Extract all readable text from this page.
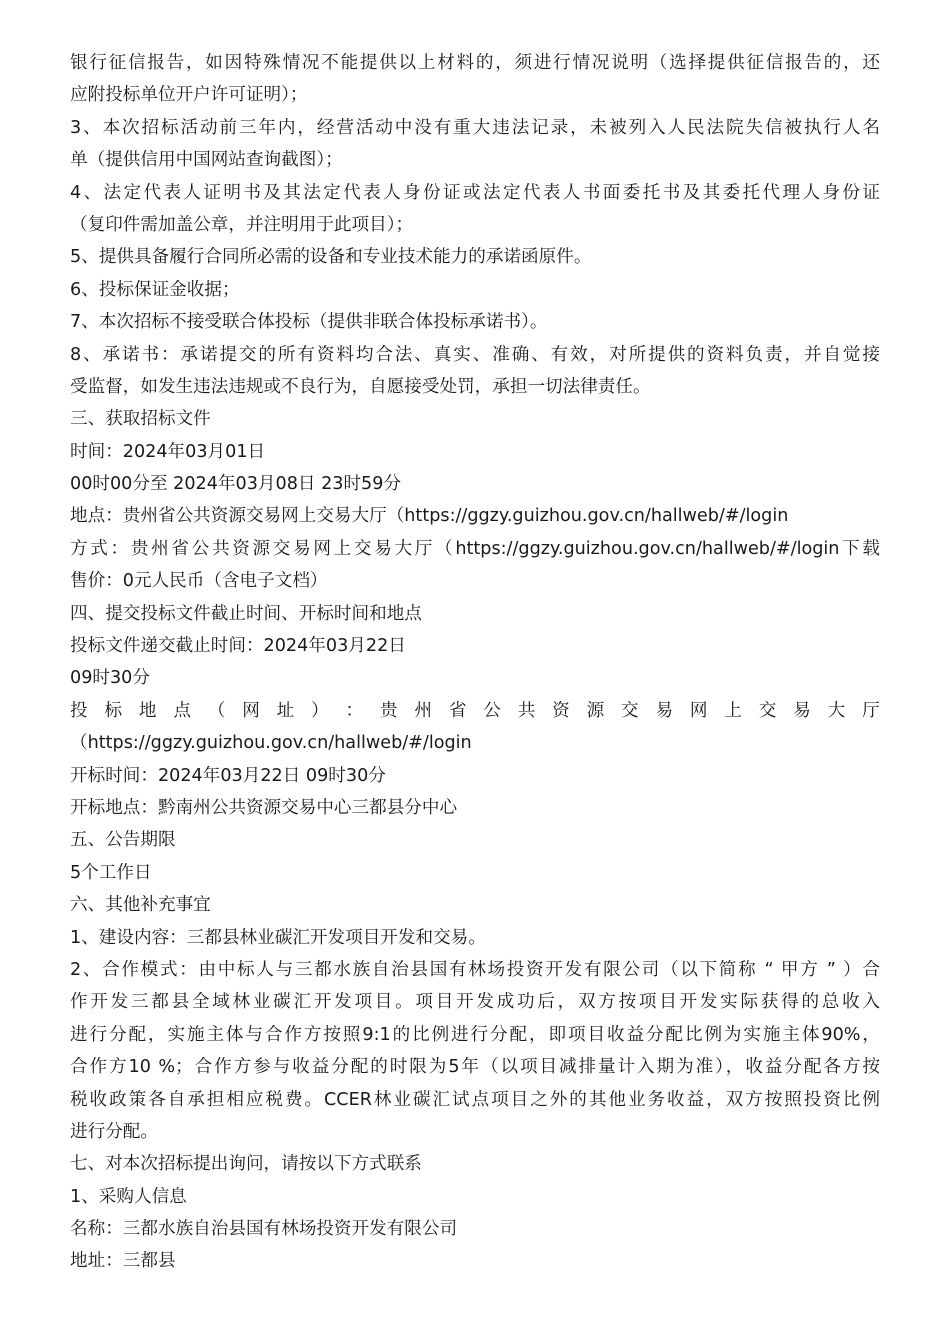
银行征信报告，如因特殊情况不能提供以上材料的，须进行情况说明（选择提供征信报告的，还
应附投标单位开户许可证明）；
3、本次招标活动前三年内，经营活动中没有重大违法记录，未被列入人民法院失信被执行人名
单（提供信用中国网站查询截图）；
4、法定代表人证明书及其法定代表人身份证或法定代表人书面委托书及其委托代理人身份证
（复印件需加盖公章，并注明用于此项目）；
5、提供具备履行合同所必需的设备和专业技术能力的承诺函原件。
6、投标保证金收据；
7、本次招标不接受联合体投标（提供非联合体投标承诺书）。
8、承诺书：承诺提交的所有资料均合法、真实、准确、有效，对所提供的资料负责，并自觉接
受监督，如发生违法违规或不良行为，自愿接受处罚，承担一切法律责任。
三、获取招标文件
时间：2024年03月01日
00时00分至 2024年03月08日 23时59分
地点：贵州省公共资源交易网上交易大厅（https://ggzy.guizhou.gov.cn/hallweb/#/login
方式：贵州省公共资源交易网上交易大厅（https://ggzy.guizhou.gov.cn/hallweb/#/login下载
售价：0元人民币（含电子文档）
四、提交投标文件截止时间、开标时间和地点
投标文件递交截止时间：2024年03月22日
09时30分
投 标 地 点 （ 网 址 ） ： 贵 州 省 公 共 资 源 交 易 网 上 交 易 大 厅
（https://ggzy.guizhou.gov.cn/hallweb/#/login
开标时间：2024年03月22日 09时30分
开标地点：黔南州公共资源交易中心三都县分中心
五、公告期限
5个工作日
六、其他补充事宜
1、建设内容：三都县林业碳汇开发项目开发和交易。
2、合作模式：由中标人与三都水族自治县国有林场投资开发有限公司（以下简称 “ 甲方 ” ）合
作开发三都县全域林业碳汇开发项目。项目开发成功后，双方按项目开发实际获得的总收入
进行分配，实施主体与合作方按照9:1的比例进行分配，即项目收益分配比例为实施主体90%，
合作方10 %；合作方参与收益分配的时限为5年（以项目减排量计入期为准），收益分配各方按
税收政策各自承担相应税费。CCER林业碳汇试点项目之外的其他业务收益，双方按照投资比例
进行分配。
七、对本次招标提出询问，请按以下方式联系
1、采购人信息
名称：三都水族自治县国有林场投资开发有限公司
地址：三都县
